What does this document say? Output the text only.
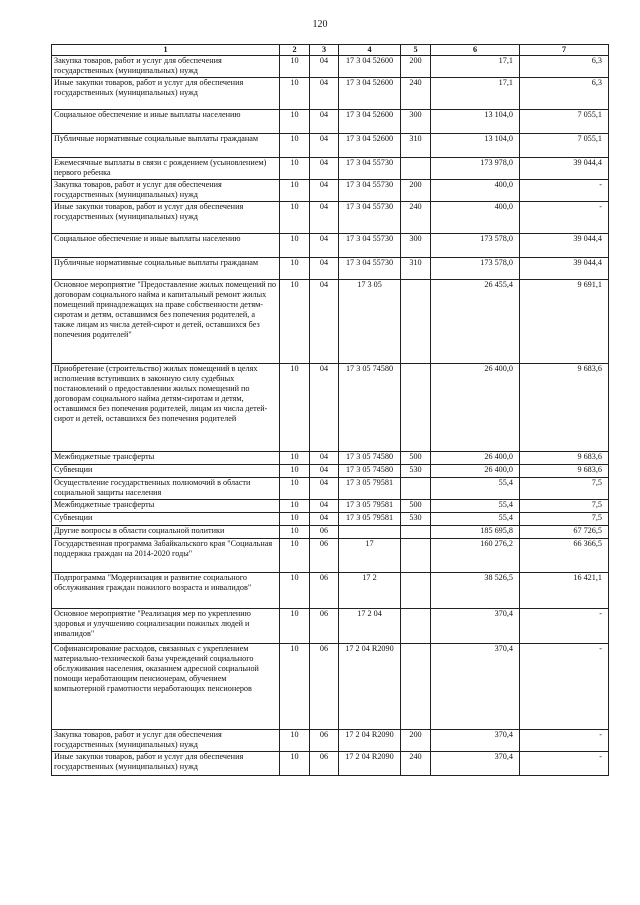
120
1	2	3	4	5	6	7
Закупка товаров, работ и услуг для обеспечения государственных (муниципальных) нужд	10	04	17 3 04 52600	200	17,1	6,3
Иные закупки товаров, работ и услуг для обеспечения государственных (муниципальных) нужд	10	04	17 3 04 52600	240	17,1	6,3
Социальное обеспечение и иные выплаты населению	10	04	17 3 04 52600	300	13 104,0	7 055,1
Публичные нормативные социальные выплаты гражданам	10	04	17 3 04 52600	310	13 104,0	7 055,1
Ежемесячные выплаты в связи с рождением (усыновлением) первого ребенка	10	04	17 3 04 55730		173 978,0	39 044,4
Закупка товаров, работ и услуг для обеспечения государственных (муниципальных) нужд	10	04	17 3 04 55730	200	400,0	-
Иные закупки товаров, работ и услуг для обеспечения государственных (муниципальных) нужд	10	04	17 3 04 55730	240	400,0	-
Социальное обеспечение и иные выплаты населению	10	04	17 3 04 55730	300	173 578,0	39 044,4
Публичные нормативные социальные выплаты гражданам	10	04	17 3 04 55730	310	173 578,0	39 044,4
Основное мероприятие "Предоставление жилых помещений по договорам социального найма и капитальный ремонт жилых помещений принадлежащих на праве собственности детям-сиротам и детям, оставшимся без попечения родителей, а также лицам из числа детей-сирот и детей, оставшихся без попечения родителей"	10	04	17 3 05		26 455,4	9 691,1
Приобретение (строительство) жилых помещений в целях исполнения вступивших в законную силу судебных постановлений о предоставлении жилых помещений по договорам социального найма детям-сиротам и детям, оставшимся без попечения родителей, лицам из числа детей-сирот и детей, оставшихся без попечения родителей	10	04	17 3 05 74580		26 400,0	9 683,6
Межбюджетные трансферты	10	04	17 3 05 74580	500	26 400,0	9 683,6
Субвенции	10	04	17 3 05 74580	530	26 400,0	9 683,6
Осуществление государственных полномочий в области социальной защиты населения	10	04	17 3 05 79581		55,4	7,5
Межбюджетные трансферты	10	04	17 3 05 79581	500	55,4	7,5
Субвенции	10	04	17 3 05 79581	530	55,4	7,5
Другие вопросы в области социальной политики	10	06			185 695,8	67 726,5
Государственная программа Забайкальского края "Социальная поддержка граждан на 2014-2020 годы"	10	06	17		160 276,2	66 366,5
Подпрограмма "Модернизация и развитие социального обслуживания граждан пожилого возраста и инвалидов"	10	06	17 2		38 526,5	16 421,1
Основное мероприятие "Реализация мер по укреплению здоровья и улучшению социализации пожилых людей и инвалидов"	10	06	17 2 04		370,4	-
Софинансирование расходов, связанных с укреплением материально-технической базы учреждений социального обслуживания населения, оказанием адресной социальной помощи неработающим пенсионерам, обучением компьютерной грамотности неработающих пенсионеров	10	06	17 2 04 R2090		370,4	-
Закупка товаров, работ и услуг для обеспечения государственных (муниципальных) нужд	10	06	17 2 04 R2090	200	370,4	-
Иные закупки товаров, работ и услуг для обеспечения государственных (муниципальных) нужд	10	06	17 2 04 R2090	240	370,4	-
